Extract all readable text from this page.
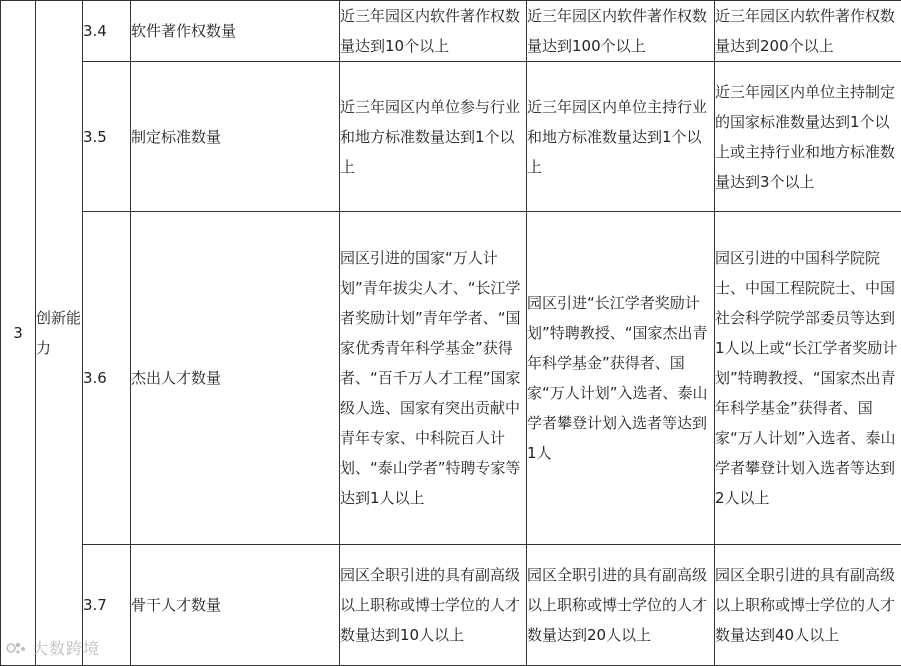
3	创新能力	3.4	软件著作权数量	近三年园区内软件著作权数量达到10个以上	近三年园区内软件著作权数量达到100个以上	近三年园区内软件著作权数量达到200个以上
		3.5	制定标准数量	近三年园区内单位参与行业和地方标准数量达到1个以上	近三年园区内单位主持行业和地方标准数量达到1个以上	近三年园区内单位主持制定的国家标准数量达到1个以上或主持行业和地方标准数量达到3个以上
		3.6	杰出人才数量	园区引进的国家“万人计划”青年拔尖人才、“长江学者奖励计划”青年学者、“国家优秀青年科学基金”获得者、“百千万人才工程”国家级人选、国家有突出贡献中青年专家、中科院百人计划、“泰山学者”特聘专家等达到1人以上	园区引进“长江学者奖励计划”特聘教授、“国家杰出青年科学基金”获得者、国家“万人计划”入选者、泰山学者攀登计划入选者等达到1人	园区引进的中国科学院院士、中国工程院院士、中国社会科学院学部委员等达到1人以上或“长江学者奖励计划”特聘教授、“国家杰出青年科学基金”获得者、国家“万人计划”入选者、泰山学者攀登计划入选者等达到2人以上
		3.7	骨干人才数量	园区全职引进的具有副高级以上职称或博士学位的人才数量达到10人以上	园区全职引进的具有副高级以上职称或博士学位的人才数量达到20人以上	园区全职引进的具有副高级以上职称或博士学位的人才数量达到40人以上
大数跨境
